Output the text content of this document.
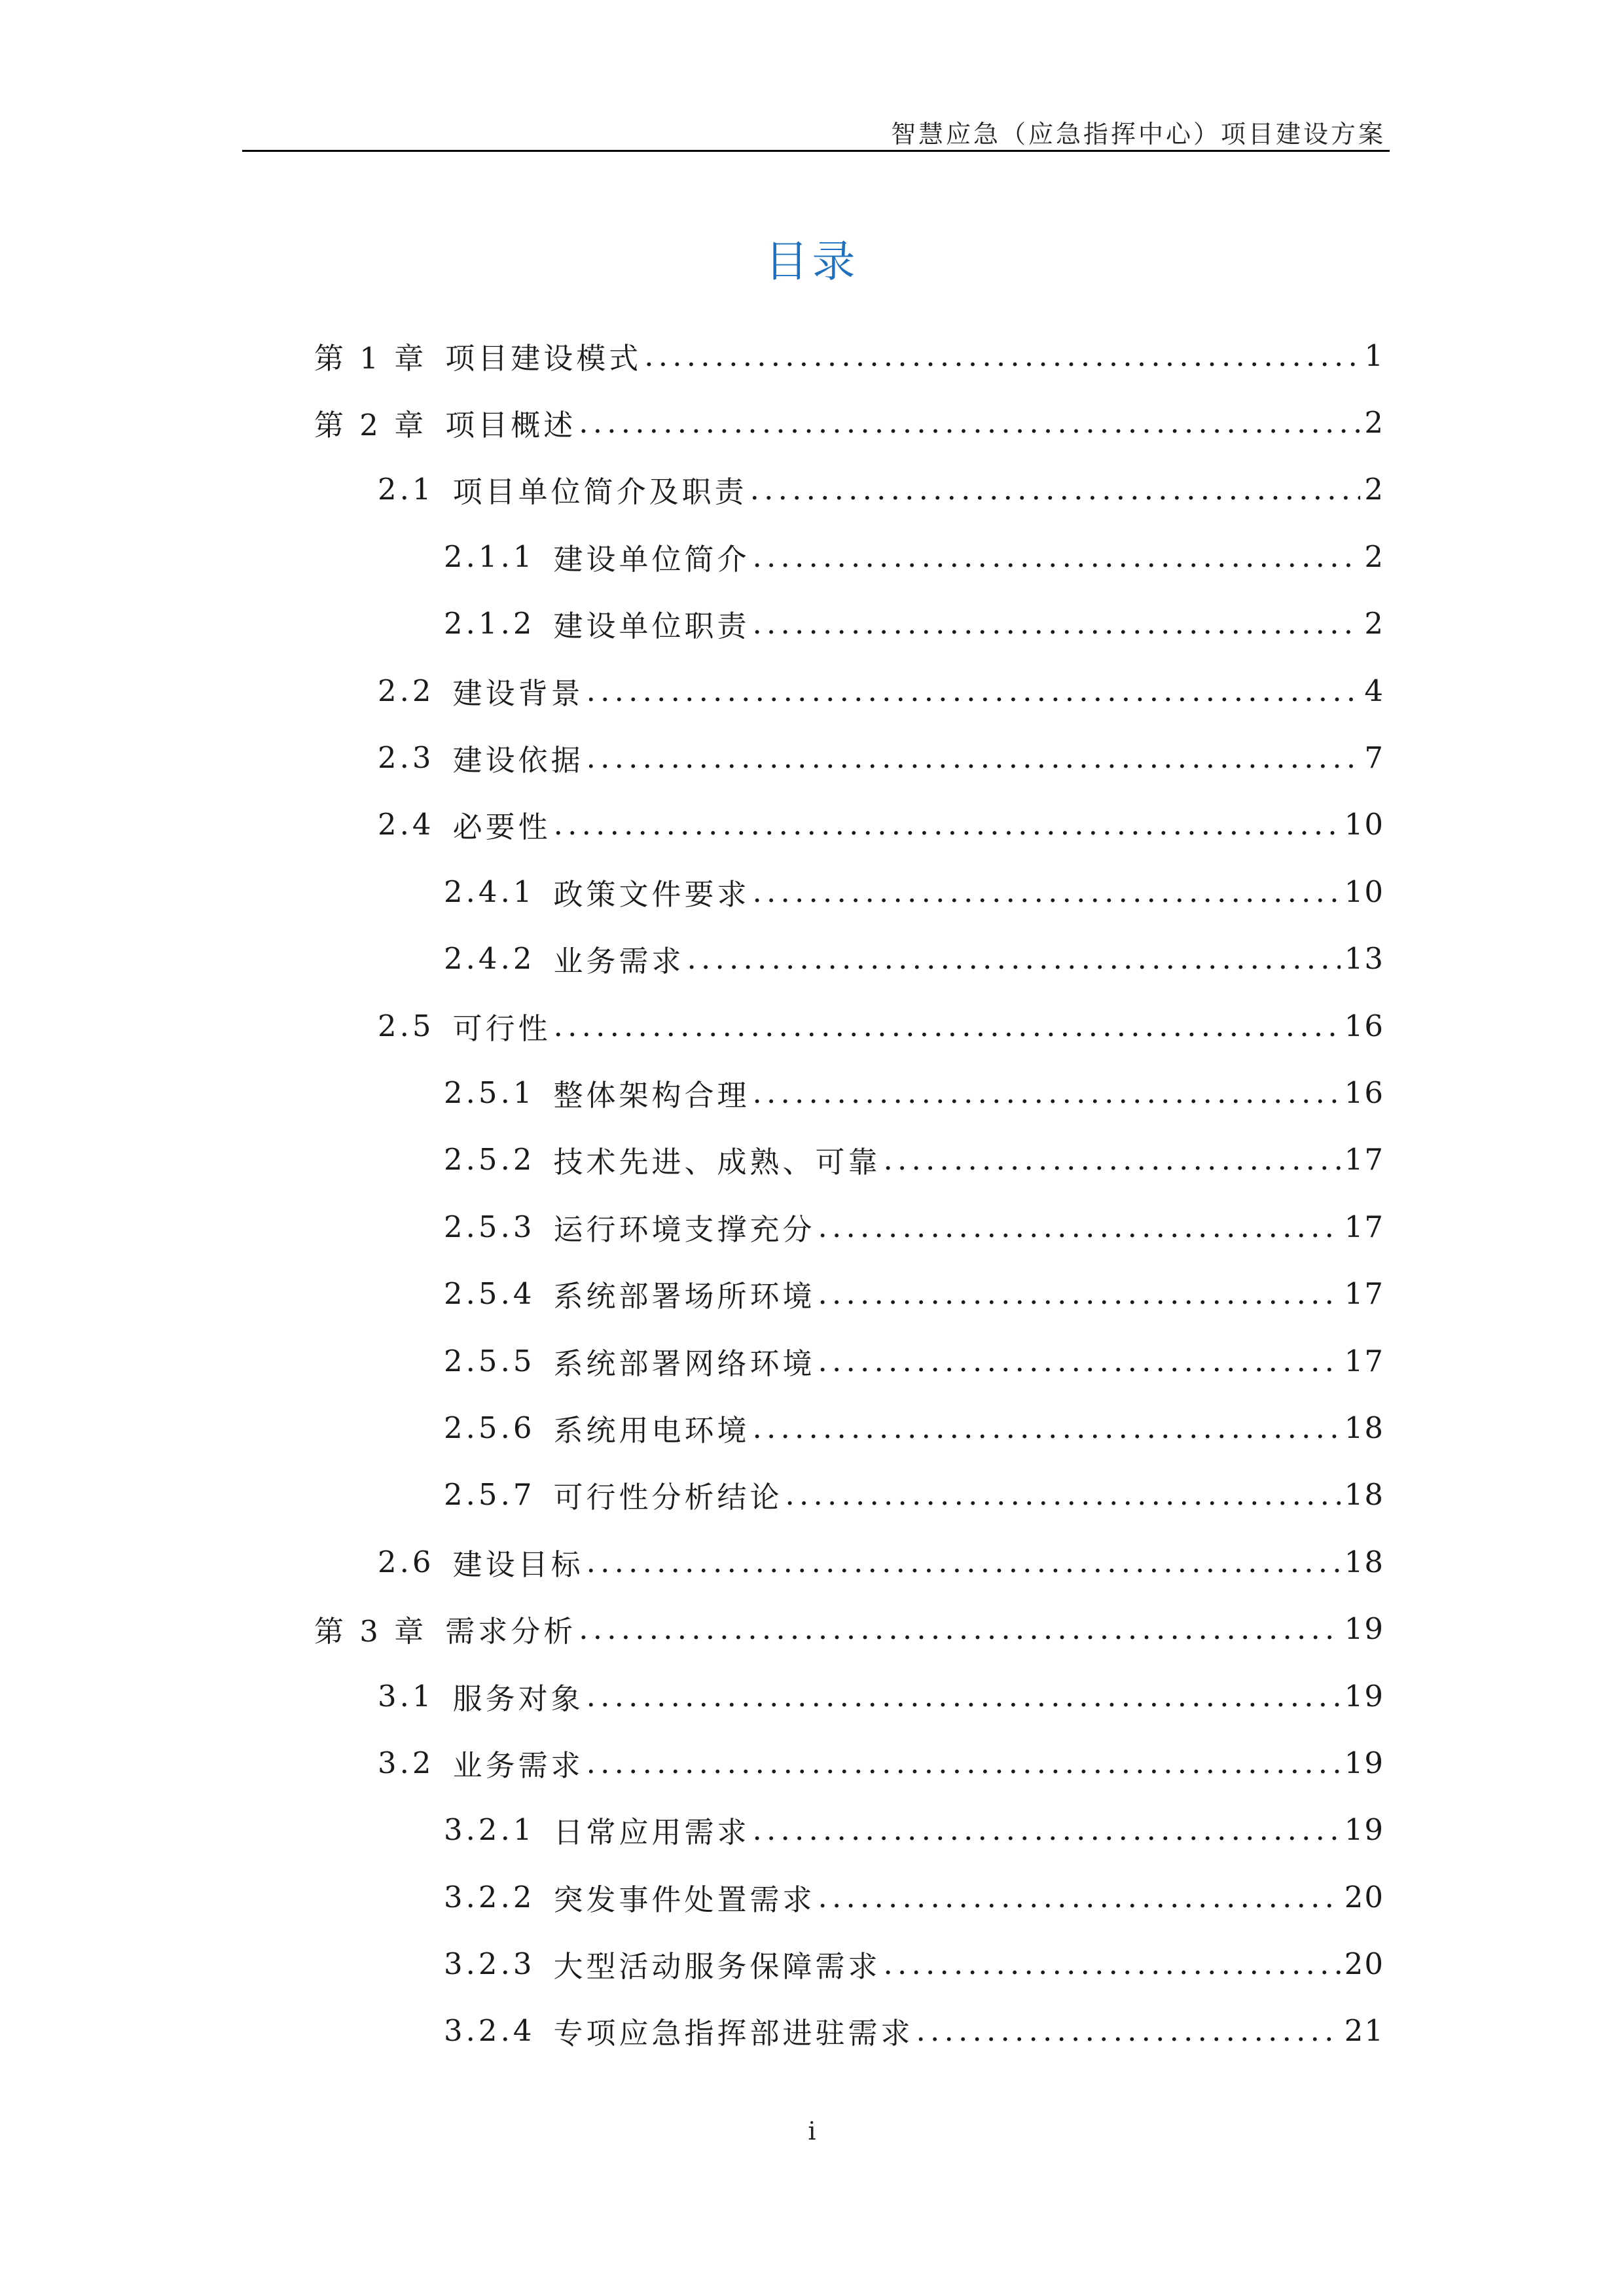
智慧应急（应急指挥中心）项目建设方案
目录
第 1 章 项目建设模式 .....	1
第 2 章 项目概述 .....	2
2.1 项目单位简介及职责 .....	2
2.1.1 建设单位简介 .....	2
2.1.2 建设单位职责 .....	2
2.2 建设背景 .....	4
2.3 建设依据 .....	7
2.4 必要性 .....	10
2.4.1 政策文件要求 .....	10
2.4.2 业务需求 .....	13
2.5 可行性 .....	16
2.5.1 整体架构合理 .....	16
2.5.2 技术先进、成熟、可靠 .....	17
2.5.3 运行环境支撑充分 .....	17
2.5.4 系统部署场所环境 .....	17
2.5.5 系统部署网络环境 .....	17
2.5.6 系统用电环境 .....	18
2.5.7 可行性分析结论 .....	18
2.6 建设目标 .....	18
第 3 章 需求分析 .....	19
3.1 服务对象 .....	19
3.2 业务需求 .....	19
3.2.1 日常应用需求 .....	19
3.2.2 突发事件处置需求 .....	20
3.2.3 大型活动服务保障需求 .....	20
3.2.4 专项应急指挥部进驻需求 .....	21
i
